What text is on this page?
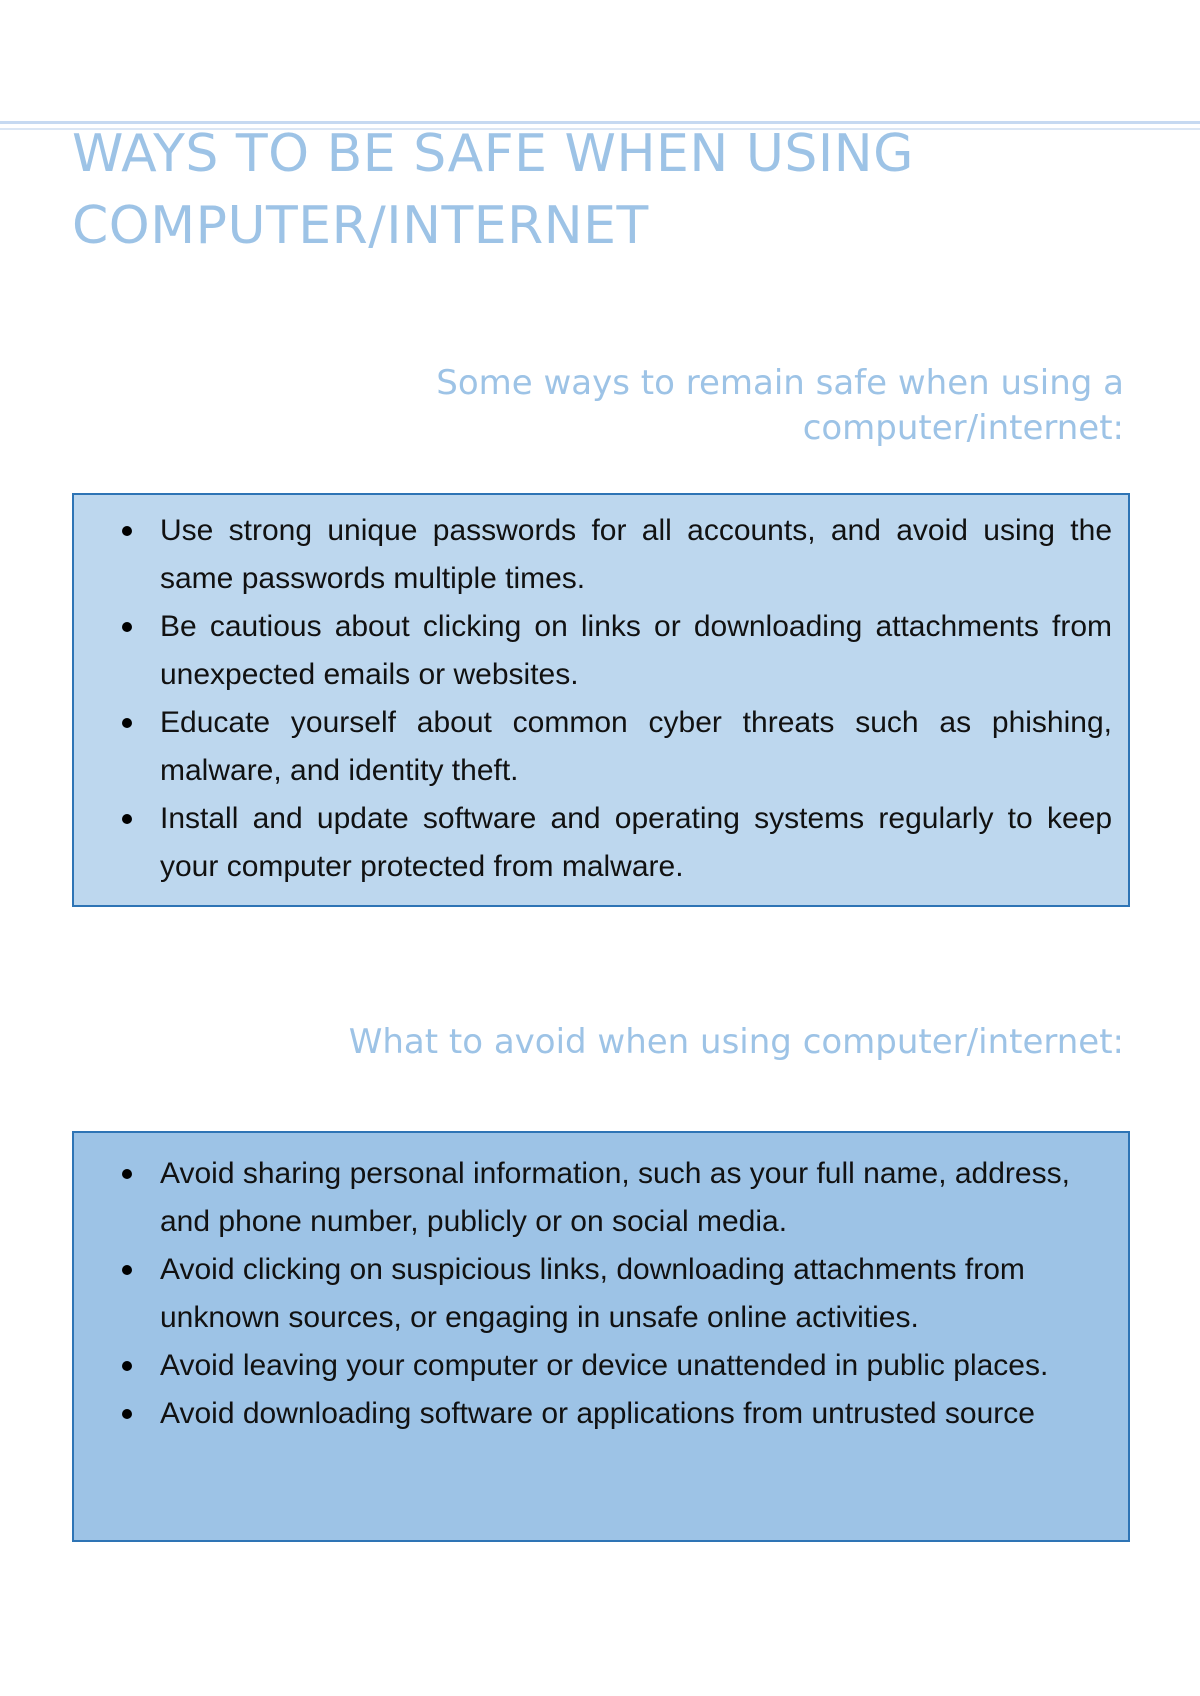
WAYS TO BE SAFE WHEN USING COMPUTER/INTERNET
Some ways to remain safe when using a computer/internet:
Use strong unique passwords for all accounts, and avoid using the same passwords multiple times.
Be cautious about clicking on links or downloading attachments from unexpected emails or websites.
Educate yourself about common cyber threats such as phishing, malware, and identity theft.
Install and update software and operating systems regularly to keep your computer protected from malware.
What to avoid when using computer/internet:
Avoid sharing personal information, such as your full name, address, and phone number, publicly or on social media.
Avoid clicking on suspicious links, downloading attachments from unknown sources, or engaging in unsafe online activities.
Avoid leaving your computer or device unattended in public places.
Avoid downloading software or applications from untrusted source
